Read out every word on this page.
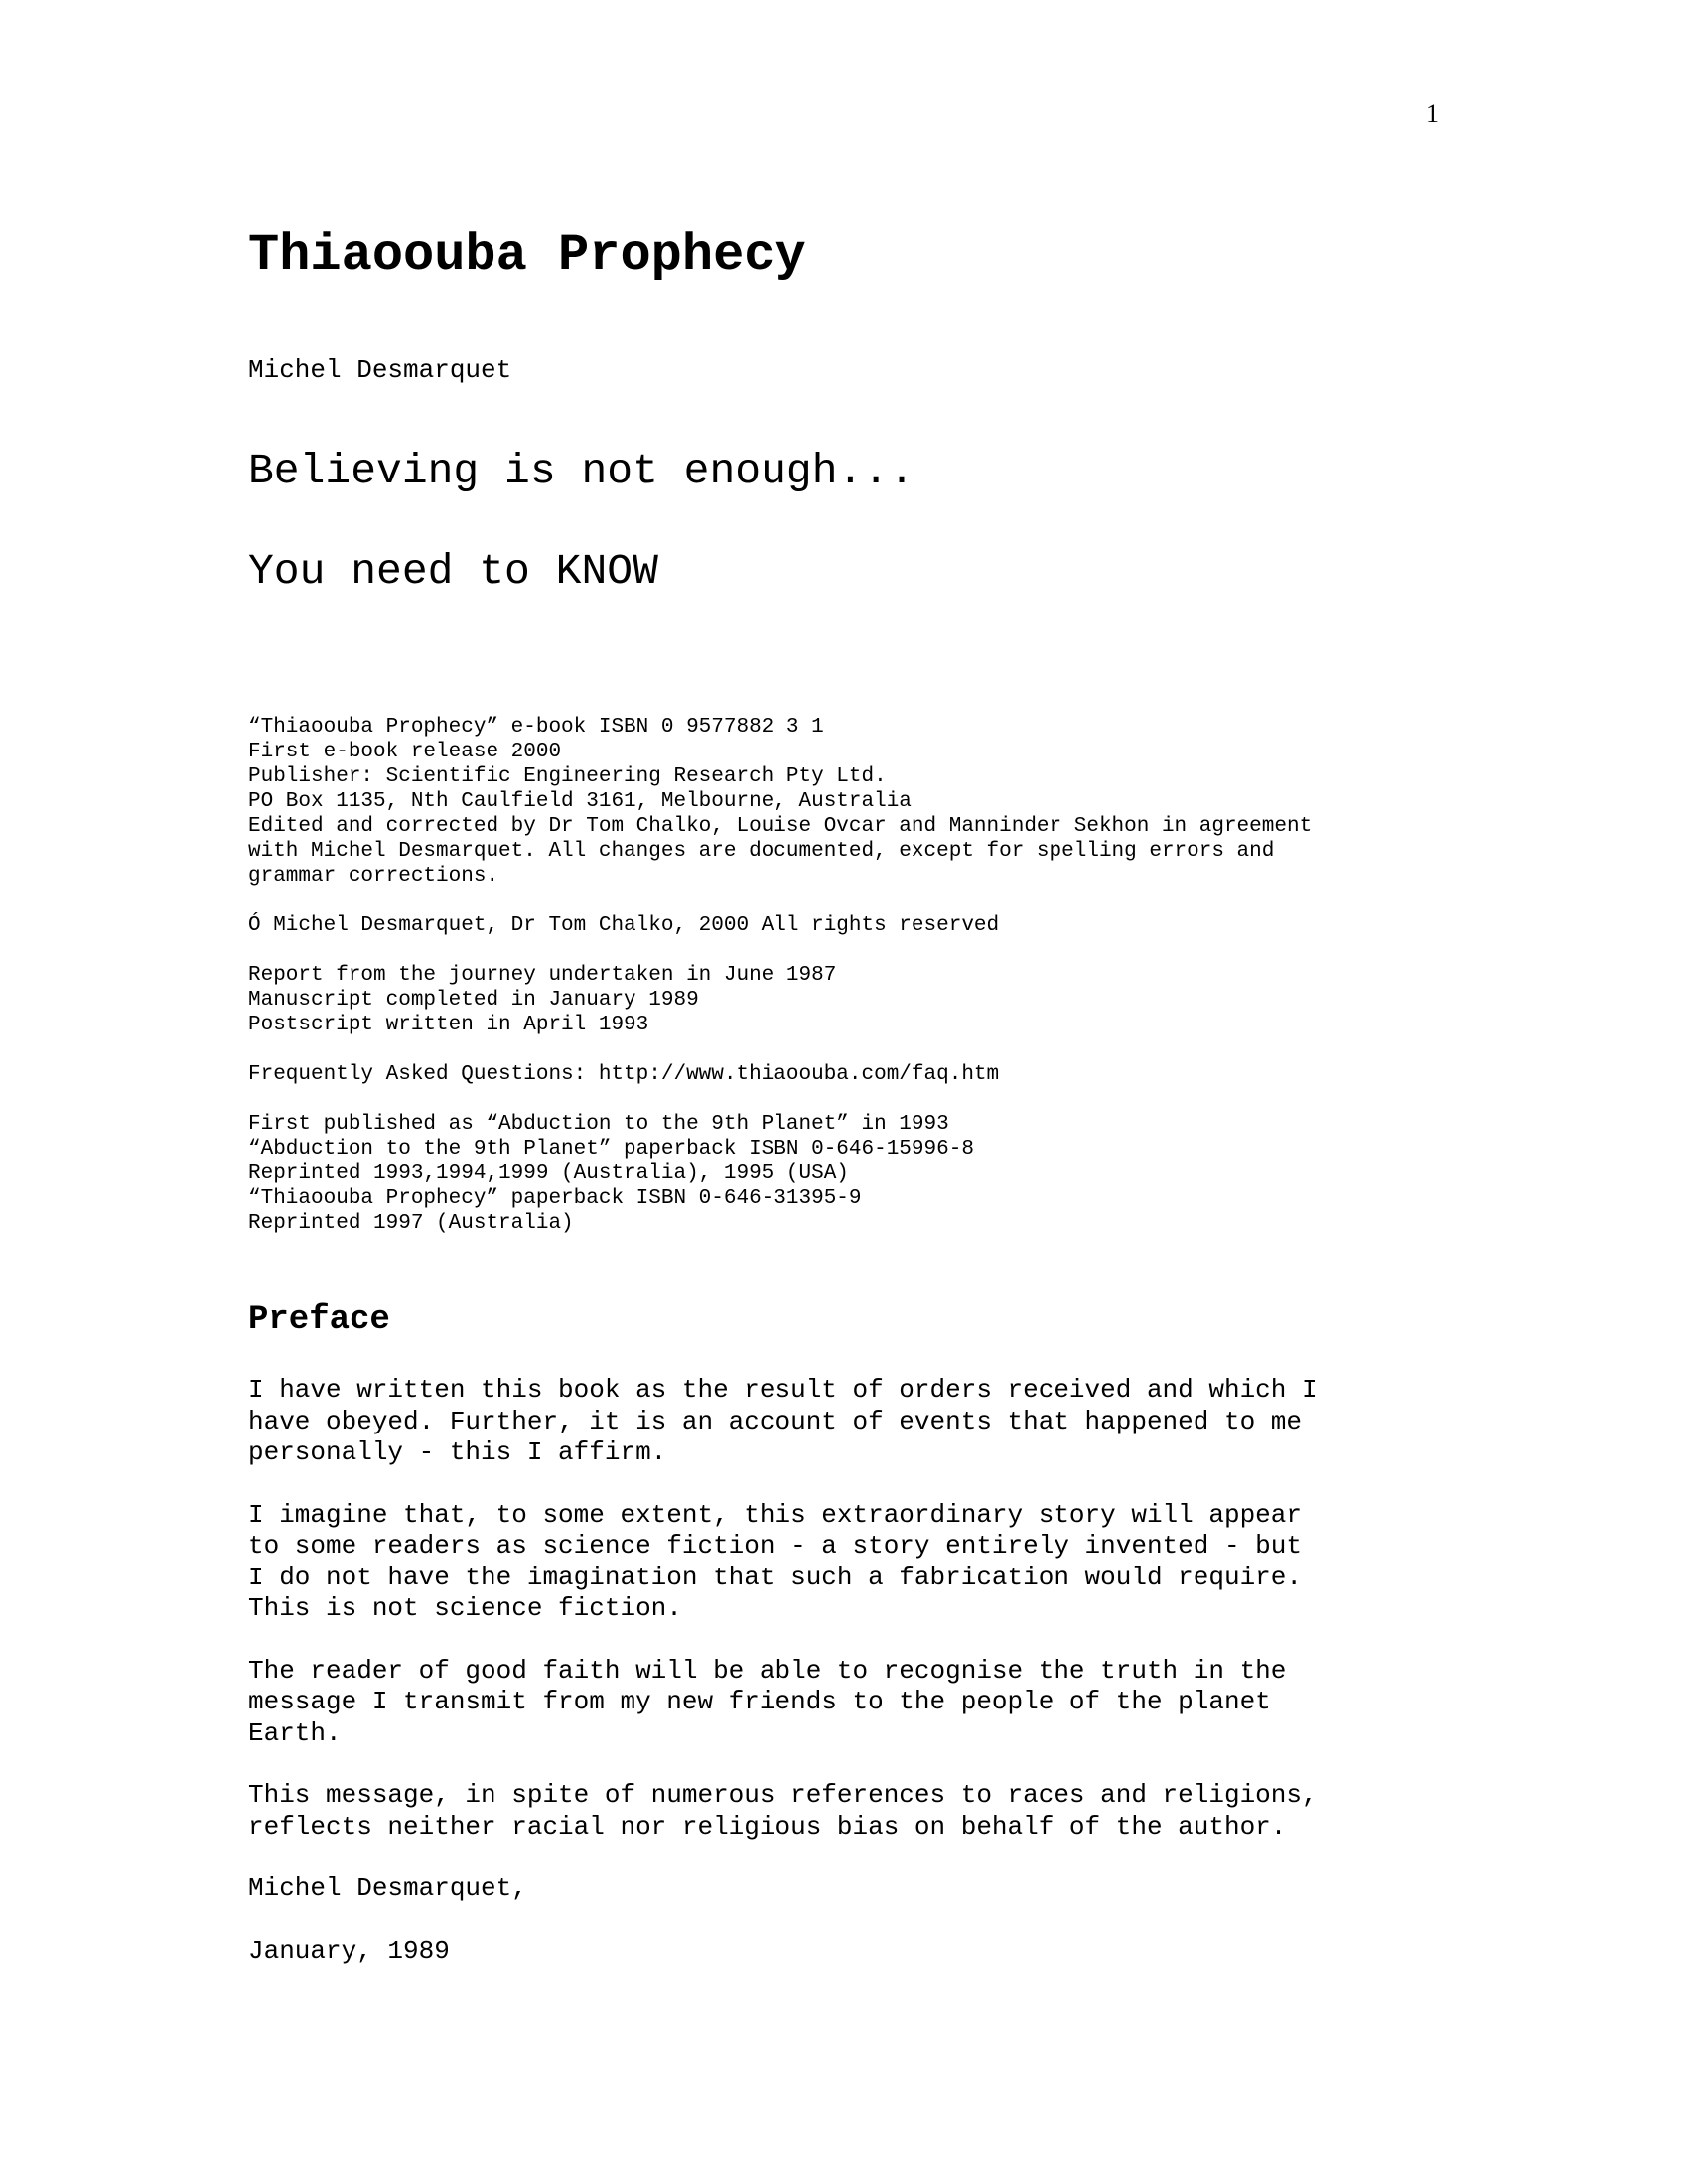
1
Thiaoouba Prophecy
Michel Desmarquet
Believing is not enough...
You need to KNOW

“Thiaoouba Prophecy” e-book ISBN 0 9577882 3 1
First e-book release 2000
Publisher: Scientific Engineering Research Pty Ltd.
PO Box 1135, Nth Caulfield 3161, Melbourne, Australia
Edited and corrected by Dr Tom Chalko, Louise Ovcar and Manninder Sekhon in agreement
with Michel Desmarquet. All changes are documented, except for spelling errors and
grammar corrections.

Ó Michel Desmarquet, Dr Tom Chalko, 2000 All rights reserved

Report from the journey undertaken in June 1987
Manuscript completed in January 1989
Postscript written in April 1993

Frequently Asked Questions: http://www.thiaoouba.com/faq.htm

First published as “Abduction to the 9th Planet” in 1993
“Abduction to the 9th Planet” paperback ISBN 0-646-15996-8
Reprinted 1993,1994,1999 (Australia), 1995 (USA)
“Thiaoouba Prophecy” paperback ISBN 0-646-31395-9
Reprinted 1997 (Australia)

Preface

I have written this book as the result of orders received and which I
have obeyed. Further, it is an account of events that happened to me
personally - this I affirm.

I imagine that, to some extent, this extraordinary story will appear
to some readers as science fiction - a story entirely invented - but
I do not have the imagination that such a fabrication would require.
This is not science fiction.

The reader of good faith will be able to recognise the truth in the
message I transmit from my new friends to the people of the planet
Earth.

This message, in spite of numerous references to races and religions,
reflects neither racial nor religious bias on behalf of the author.

Michel Desmarquet,

January, 1989
